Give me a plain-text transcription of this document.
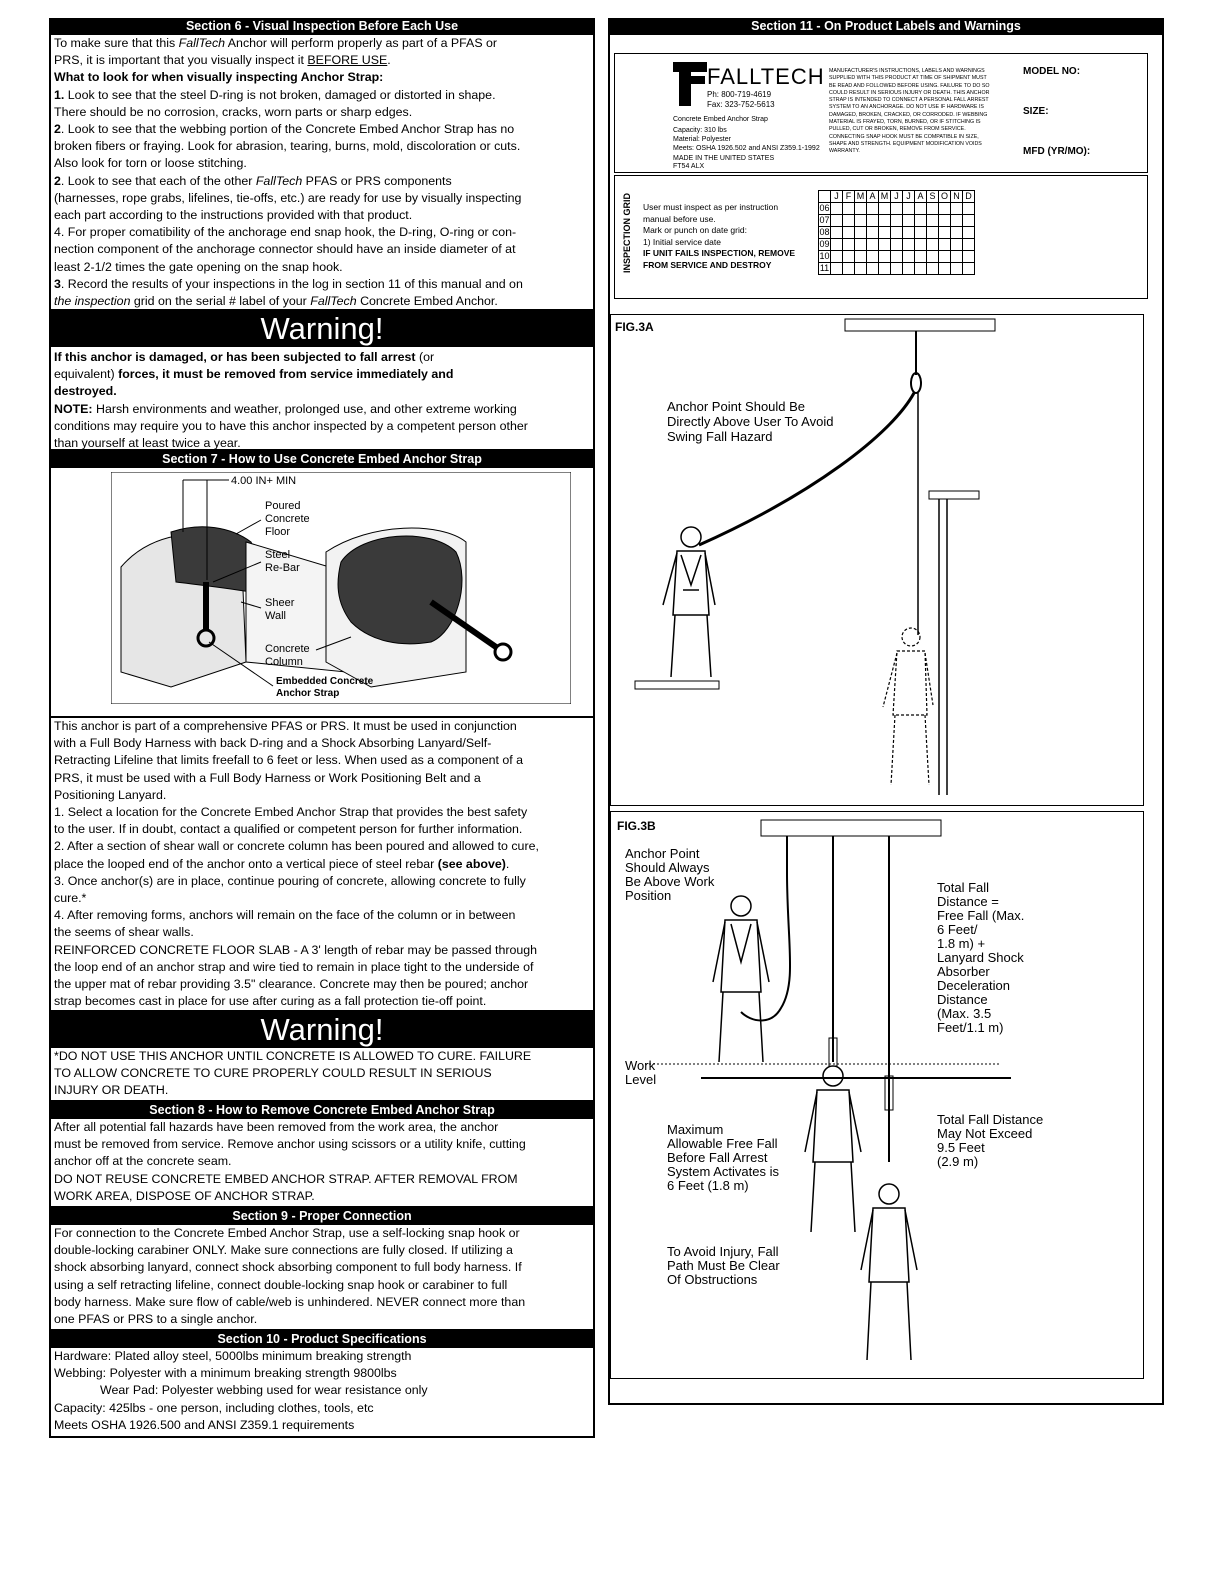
Section 6 - Visual Inspection Before Each Use

To make sure that this FallTech Anchor will perform properly as part of a PFAS or

PRS, it is important that you visually inspect it BEFORE USE.

What to look for when visually inspecting Anchor Strap:

1. Look to see that the steel D-ring is not broken, damaged or distorted in shape.

There should be no corrosion, cracks, worn parts or sharp edges.

2. Look to see that the webbing portion of the Concrete Embed Anchor Strap has no

broken fibers or fraying. Look for abrasion, tearing, burns, mold, discoloration or cuts.

Also look for torn or loose stitching.

2. Look to see that each of the other FallTech PFAS or PRS components

(harnesses, rope grabs, lifelines, tie-offs, etc.) are ready for use by visually inspecting

each part according to the instructions provided with that product.

4. For proper comatibility of the anchorage end snap hook, the D-ring, O-ring or con-

nection component of the anchorage connector should have an inside diameter of at

least 2-1/2 times the gate opening on the snap hook.

3. Record the results of your inspections in the log in section 11 of this manual and on

the inspection grid on the serial # label of your FallTech Concrete Embed Anchor.

Warning!

If this anchor is damaged, or has been subjected to fall arrest (or

equivalent) forces, it must be removed from service immediately and

destroyed.

NOTE: Harsh environments and weather, prolonged use, and other extreme working

conditions may require you to have this anchor inspected by a competent person other

than yourself at least twice a year.

Section 7 - How to Use Concrete Embed Anchor Strap
4.00 IN+ MIN
Poured
Concrete
Floor
Steel
Re-Bar
Sheer
Wall
Concrete
Column
Embedded Concrete
Anchor Strap

This anchor is part of a comprehensive PFAS or PRS. It must be used in conjunction

with a Full Body Harness with back D-ring and a Shock Absorbing Lanyard/Self-

Retracting Lifeline that limits freefall to 6 feet or less. When used as a component of a

PRS, it must be used with a Full Body Harness or Work Positioning Belt and a

Positioning Lanyard.

1. Select a location for the Concrete Embed Anchor Strap that provides the best safety

to the user. If in doubt, contact a qualified or competent person for further information.

2. After a section of shear wall or concrete column has been poured and allowed to cure,

place the looped end of the anchor onto a vertical piece of steel rebar (see above).

3. Once anchor(s) are in place, continue pouring of concrete, allowing concrete to fully

cure.*

4. After removing forms, anchors will remain on the face of the column or in between

the seems of shear walls.

REINFORCED CONCRETE FLOOR SLAB - A 3' length of rebar may be passed through

the loop end of an anchor strap and wire tied to remain in place tight to the underside of

the upper mat of rebar providing 3.5" clearance. Concrete may then be poured; anchor

strap becomes cast in place for use after curing as a fall protection tie-off point.

Warning!

*DO NOT USE THIS ANCHOR UNTIL CONCRETE IS ALLOWED TO CURE. FAILURE

TO ALLOW CONCRETE TO CURE PROPERLY COULD RESULT IN SERIOUS

INJURY OR DEATH.

Section 8 - How to Remove Concrete Embed Anchor Strap

After all potential fall hazards have been removed from the work area, the anchor

must be removed from service. Remove anchor using scissors or a utility knife, cutting

anchor off at the concrete seam.

DO NOT REUSE CONCRETE EMBED ANCHOR STRAP. AFTER REMOVAL FROM

WORK AREA, DISPOSE OF ANCHOR STRAP.

Section 9 - Proper Connection

For connection to the Concrete Embed Anchor Strap, use a self-locking snap hook or

double-locking carabiner ONLY. Make sure connections are fully closed. If utilizing a

shock absorbing lanyard, connect shock absorbing component to full body harness. If

using a self retracting lifeline, connect double-locking snap hook or carabiner to full

body harness. Make sure flow of cable/web is unhindered. NEVER connect more than

one PFAS or PRS to a single anchor.

Section 10 - Product Specifications

Hardware: Plated alloy steel, 5000lbs minimum breaking strength

Webbing: Polyester with a minimum breaking strength 9800lbs

Wear Pad: Polyester webbing used for wear resistance only

Capacity: 425lbs - one person, including clothes, tools, etc

Meets OSHA 1926.500 and ANSI Z359.1 requirements

Section 11 - On Product Labels and Warnings
FALLTECH
Ph: 800-719-4619
Fax: 323-752-5613
Concrete Embed Anchor Strap
Capacity: 310 lbs
Material: Polyester
Meets: OSHA 1926.502 and ANSI Z359.1-1992
MADE IN THE UNITED STATES
FT54 ALX
MANUFACTURER'S INSTRUCTIONS, LABELS AND WARNINGS
SUPPLIED WITH THIS PRODUCT AT TIME OF SHIPMENT MUST
BE READ AND FOLLOWED BEFORE USING. FAILURE TO DO SO
COULD RESULT IN SERIOUS INJURY OR DEATH. THIS ANCHOR
STRAP IS INTENDED TO CONNECT A PERSONAL FALL ARREST
SYSTEM TO AN ANCHORAGE. DO NOT USE IF HARDWARE IS
DAMAGED, BROKEN, CRACKED, OR CORRODED. IF WEBBING
MATERIAL IS FRAYED, TORN, BURNED, OR IF STITCHING IS
PULLED, CUT OR BROKEN, REMOVE FROM SERVICE.
CONNECTING SNAP HOOK MUST BE COMPATIBLE IN SIZE,
SHAPE AND STRENGTH. EQUIPMENT MODIFICATION VOIDS
WARRANTY.
MODEL NO:
SIZE:
MFD (YR/MO):
INSPECTION GRID User must inspect as per instruction
manual before use.
Mark or punch on date grid:
1) Initial service date
IF UNIT FAILS INSPECTION, REMOVE
FROM SERVICE AND DESTROY
	J	F	M	A	M	J	J	A	S	O	N	D
06												
07												
08												
09												
10												
11												
FIG.3A
Anchor Point Should Be
Directly Above User To Avoid
Swing Fall Hazard
FIG.3B
Anchor Point
Should Always
Be Above Work
Position
Total Fall
Distance =
Free Fall (Max.
6 Feet/
1.8 m) +
Lanyard Shock
Absorber
Deceleration
Distance
(Max. 3.5
Feet/1.1 m)
Work
Level
Maximum
Allowable Free Fall
Before Fall Arrest
System Activates is
6 Feet (1.8 m)
Total Fall Distance
May Not Exceed
9.5 Feet
(2.9 m)
To Avoid Injury, Fall
Path Must Be Clear
Of Obstructions
